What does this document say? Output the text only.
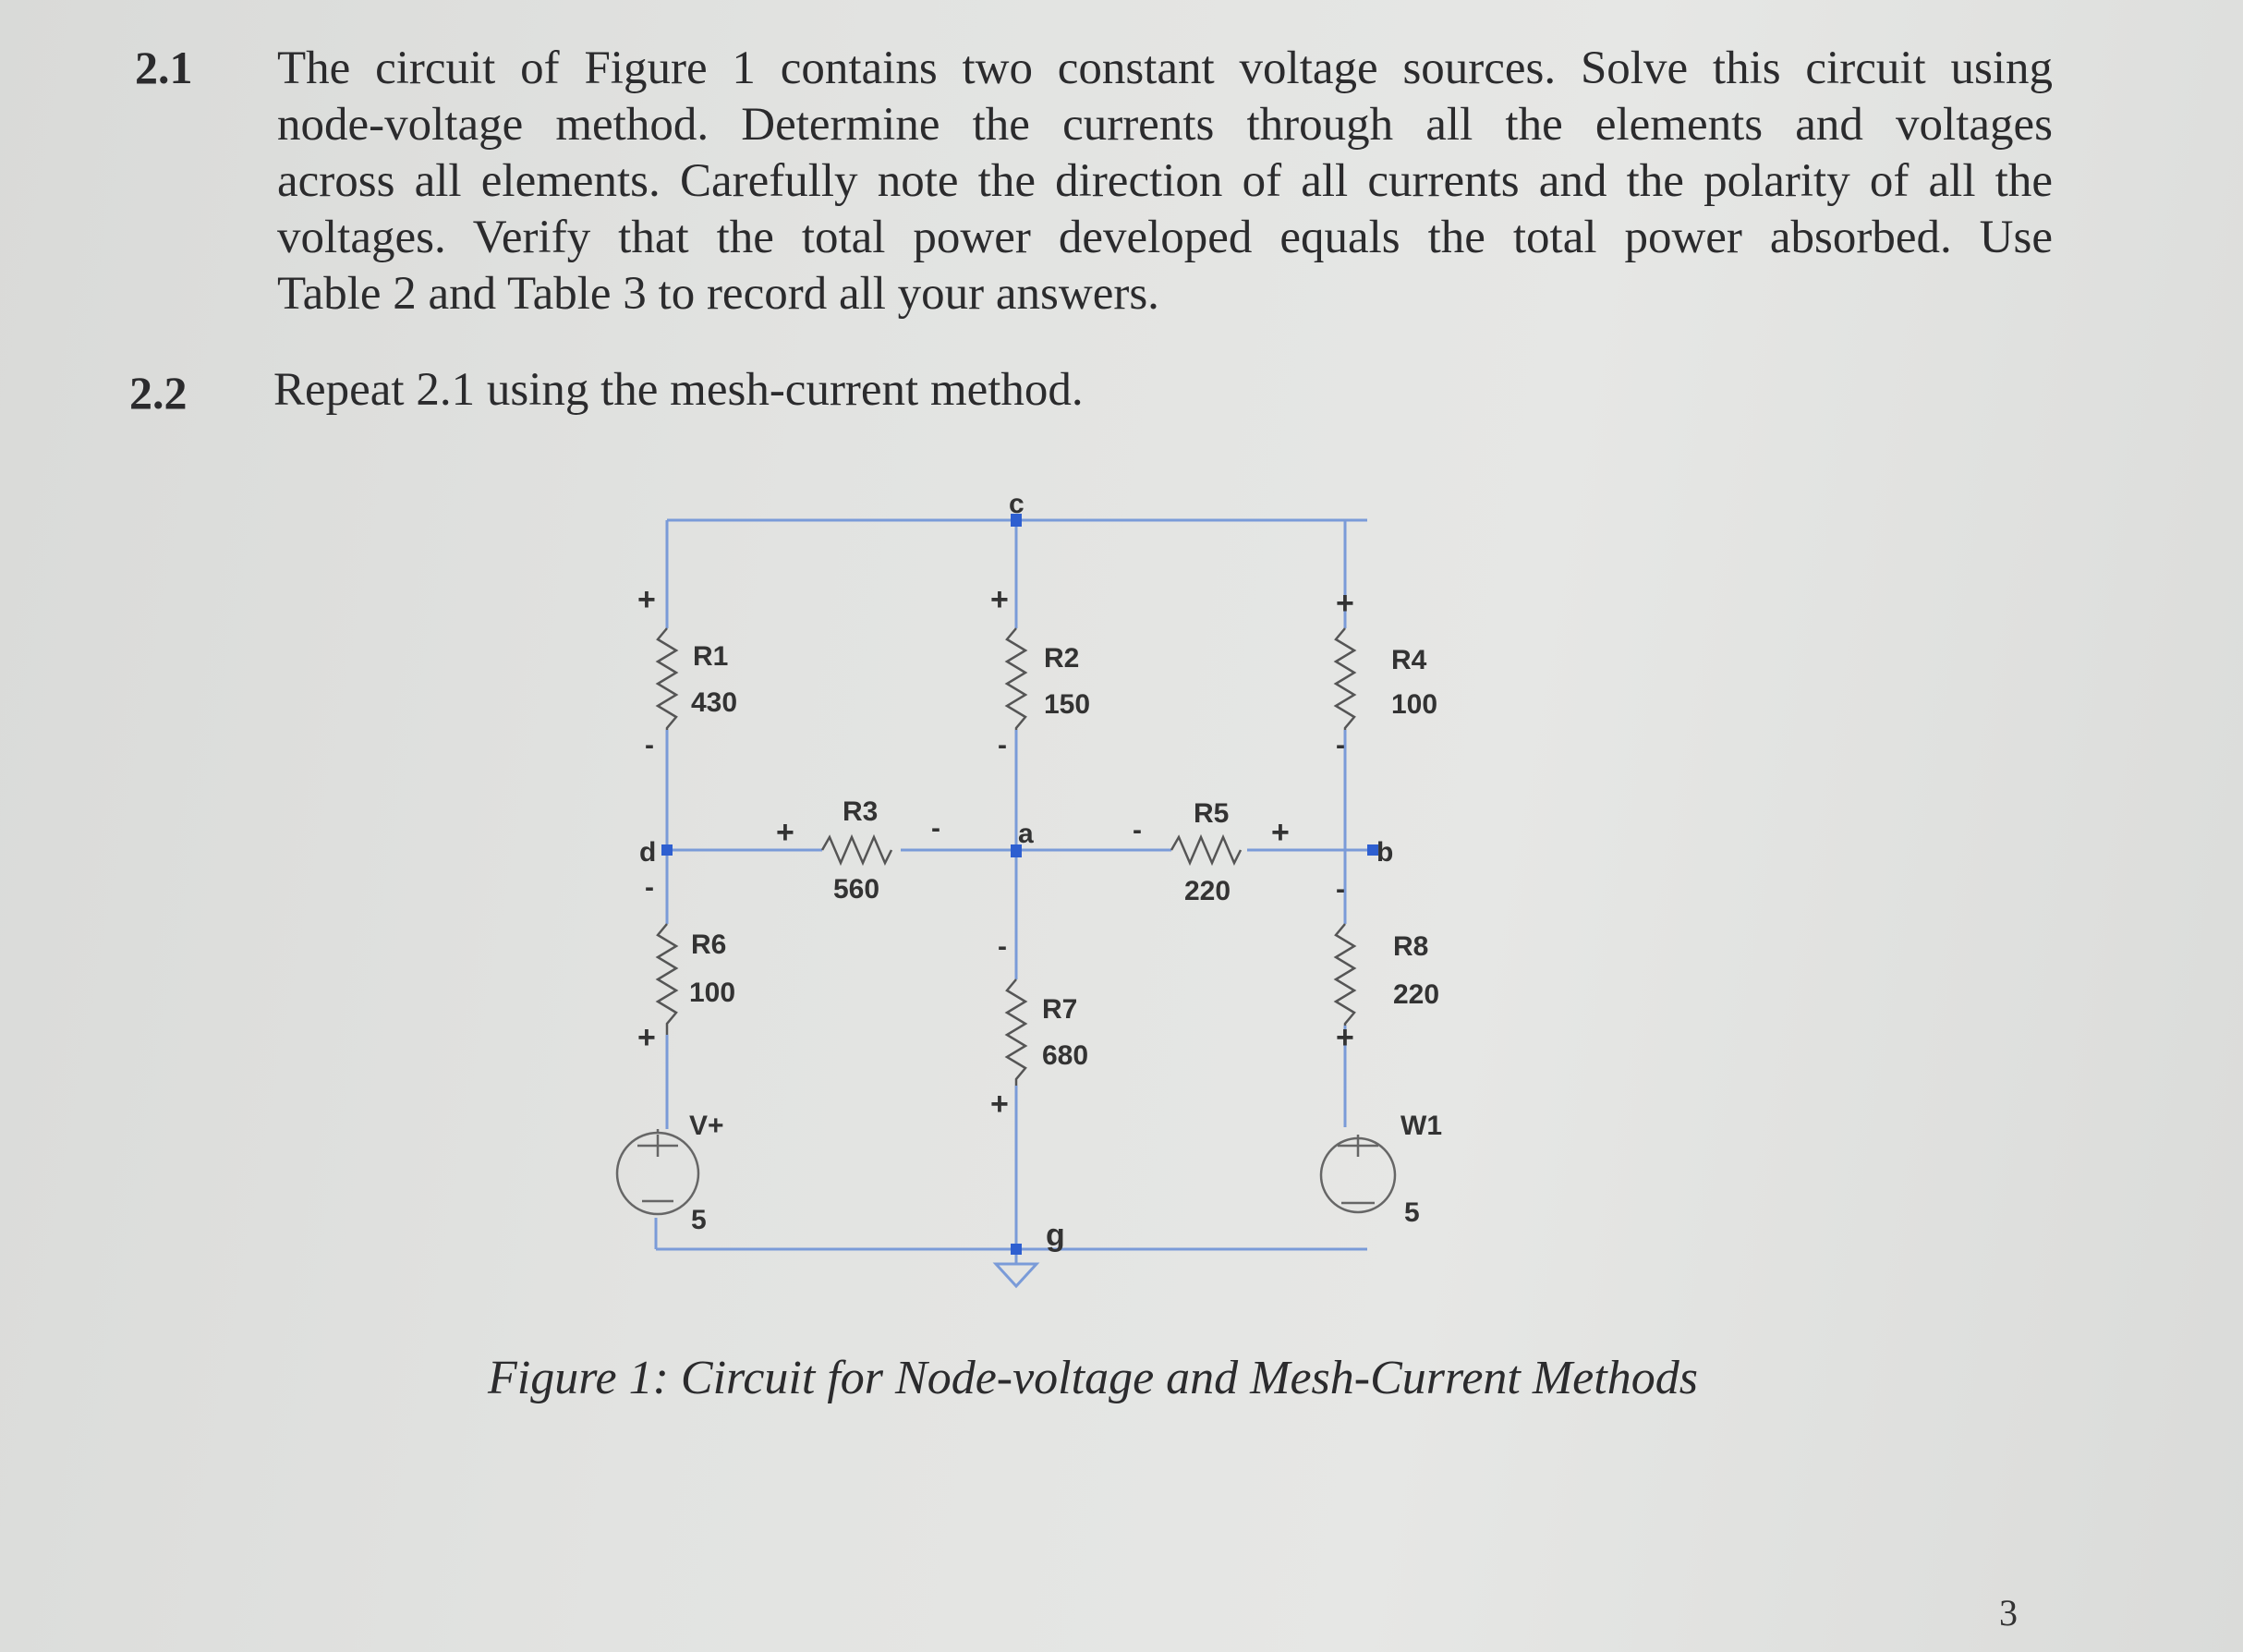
2.1 The circuit of Figure 1 contains two constant voltage sources. Solve this circuit using
node-voltage method. Determine the currents through all the elements and voltages
across all elements. Carefully note the direction of all currents and the polarity of all the
voltages. Verify that the total power developed equals the total power absorbed. Use
Table 2 and Table 3 to record all your answers.
2.2 Repeat 2.1 using the mesh-current method.
c
a
d	b
g
R1
430
R2
150
R4
100
R3
560
R5
220
R6
100
R7
680
R8
220
V+
5
W1
5
+
-
+
-
+
-
+	-	-	+
-
+
-
+
-
+
Figure 1: Circuit for Node-voltage and Mesh-Current Methods
3
